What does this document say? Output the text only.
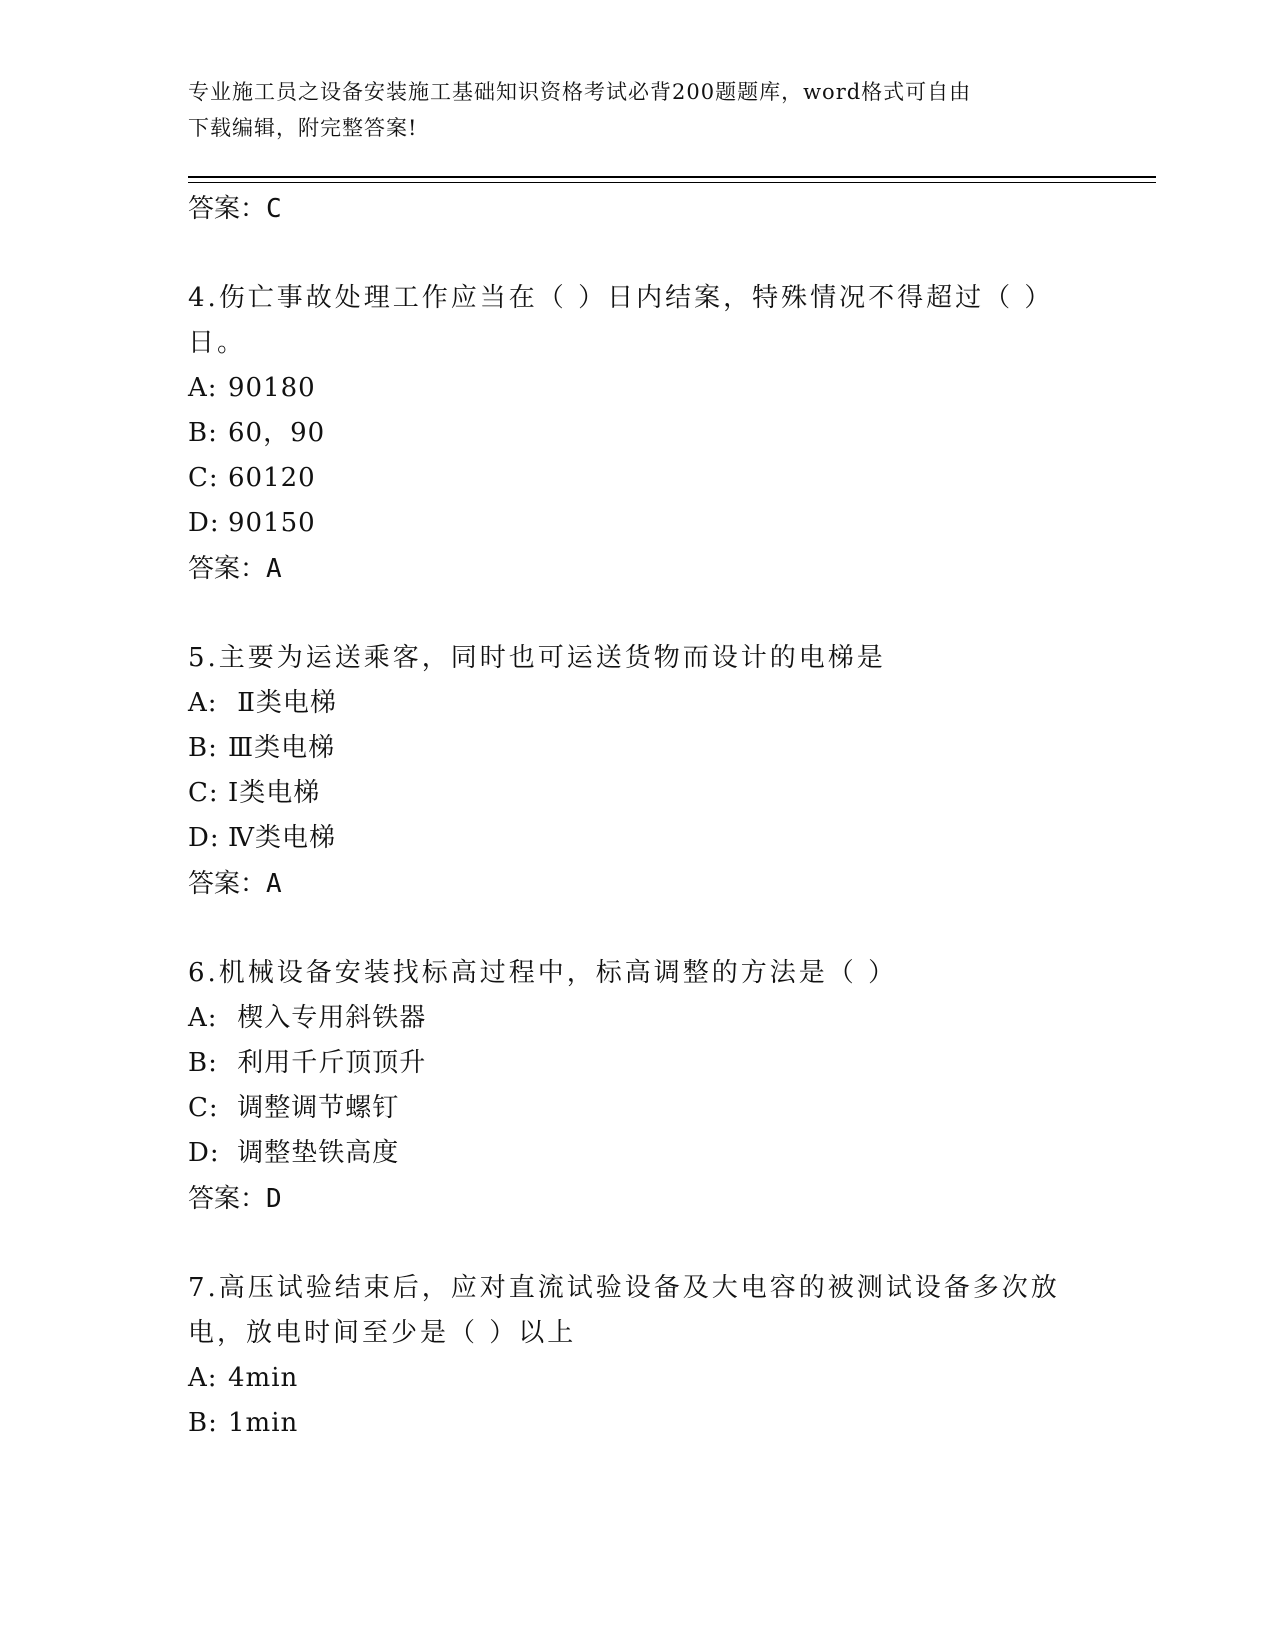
专业施工员之设备安装施工基础知识资格考试必背200题题库，word格式可自由
下载编辑，附完整答案!
答案：C
4.伤亡事故处理工作应当在（ ）日内结案，特殊情况不得超过（ ）
日。
A: 90180
B: 60，90
C: 60120
D: 90150
答案：A
5.主要为运送乘客，同时也可运送货物而设计的电梯是
A: Ⅱ类电梯
B: Ⅲ类电梯
C: Ⅰ类电梯
D: Ⅳ类电梯
答案：A
6.机械设备安装找标高过程中，标高调整的方法是（ ）
A: 楔入专用斜铁器
B: 利用千斤顶顶升
C: 调整调节螺钉
D: 调整垫铁高度
答案：D
7.高压试验结束后，应对直流试验设备及大电容的被测试设备多次放
电，放电时间至少是（ ）以上
A: 4min
B: 1min
